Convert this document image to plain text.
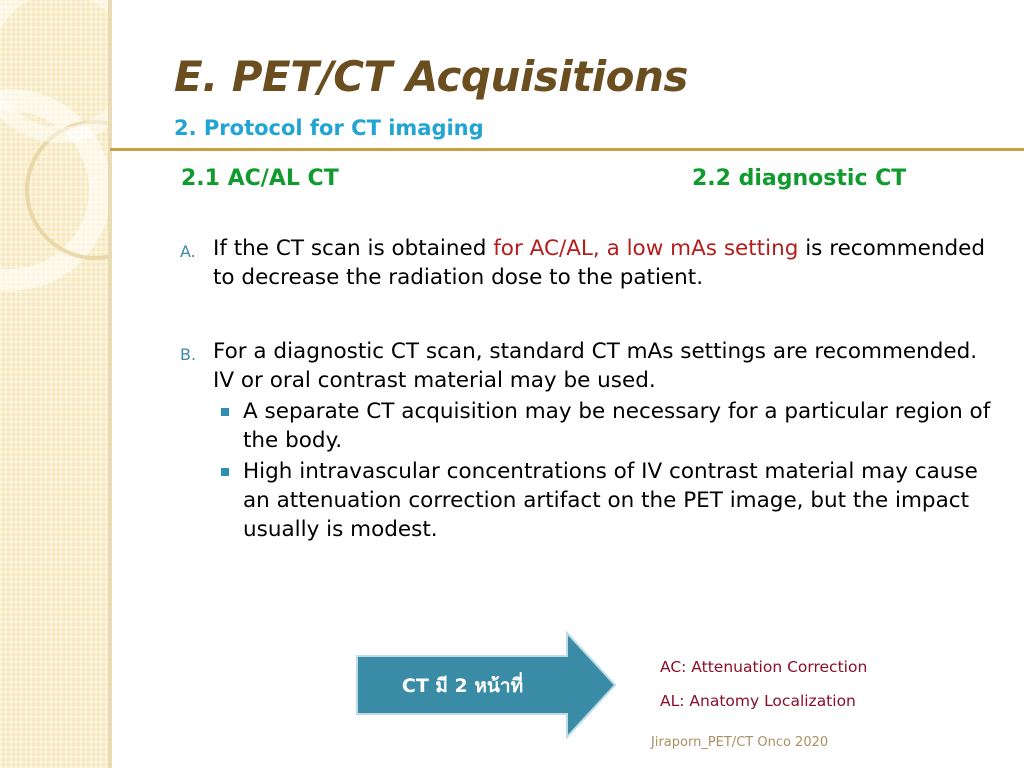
E. PET/CT Acquisitions
2. Protocol for CT imaging
2.1 AC/AL CT	2.2 diagnostic CT
A. If the CT scan is obtained for AC/AL, a low mAs setting is recommended to decrease the radiation dose to the patient.
B. For a diagnostic CT scan, standard CT mAs settings are recommended. IV or oral contrast material may be used.
A separate CT acquisition may be necessary for a particular region of the body.
High intravascular concentrations of IV contrast material may cause an attenuation correction artifact on the PET image, but the impact usually is modest.
CT มี 2 หน้าที่
AC: Attenuation Correction
AL: Anatomy Localization
Jiraporn_PET/CT Onco 2020
